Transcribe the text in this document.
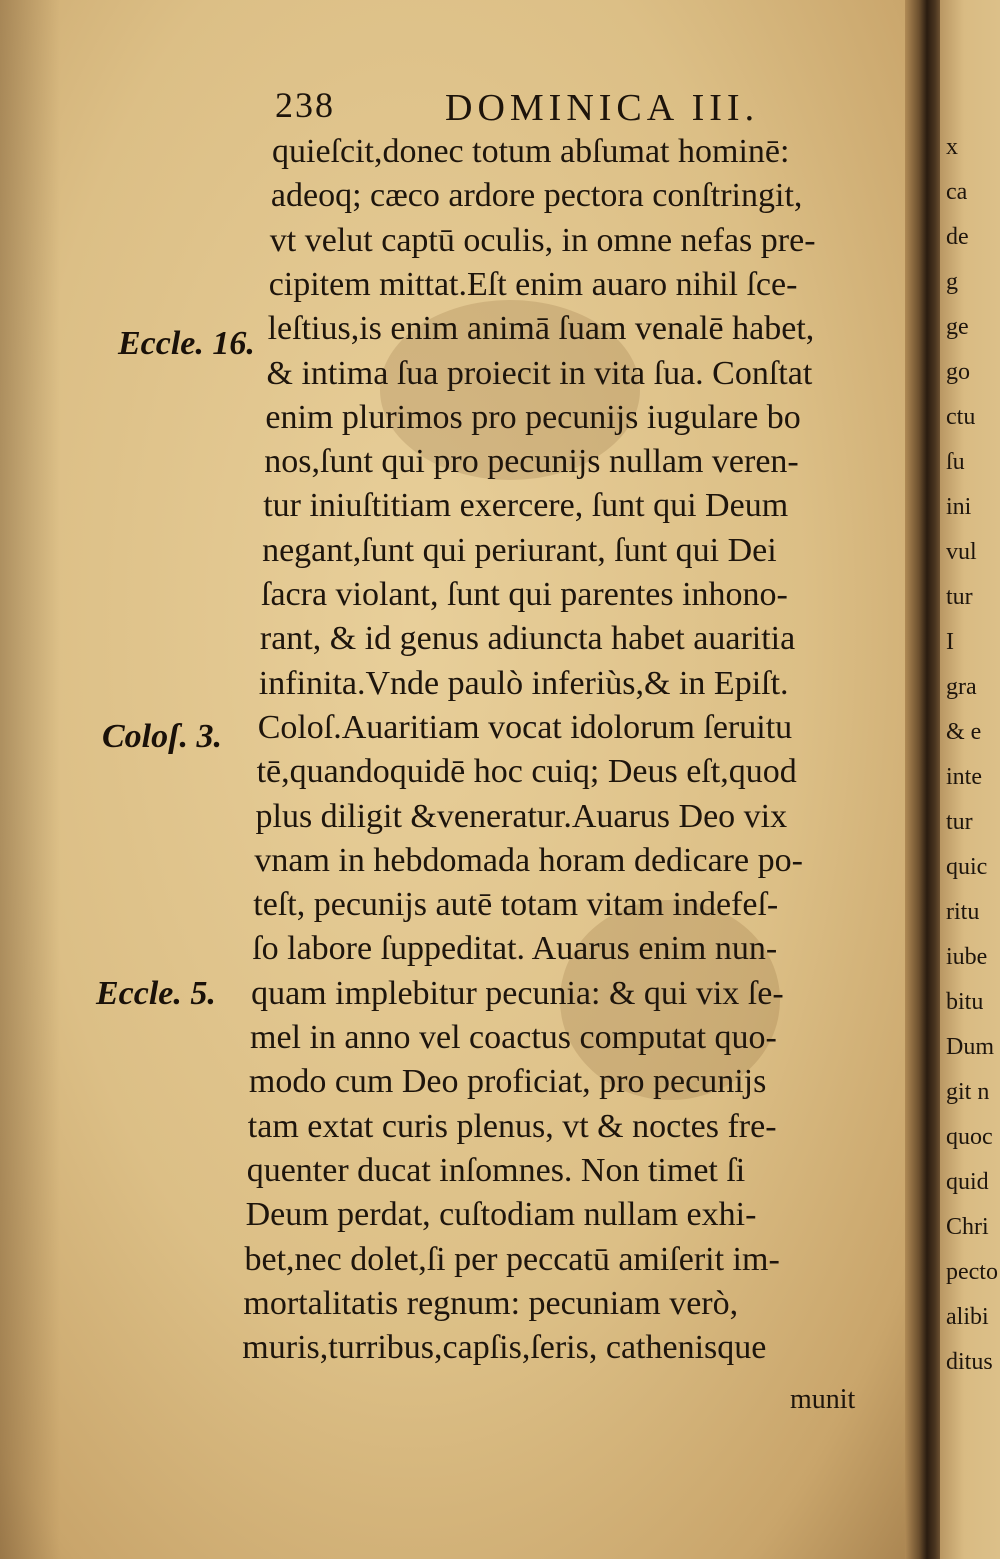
238	DOMINICA III.
quieſcit,donec totum abſumat hominē:
adeoq; cæco ardore pectora conſtringit,
vt velut captū oculis, in omne nefas pre-
cipitem mittat.Eſt enim auaro nihil ſce-
leſtius,is enim animā ſuam venalē habet,
& intima ſua proiecit in vita ſua. Conſtat
enim plurimos pro pecunijs iugulare bo
nos,ſunt qui pro pecunijs nullam veren-
tur iniuſtitiam exercere, ſunt qui Deum
negant,ſunt qui periurant, ſunt qui Dei
ſacra violant, ſunt qui parentes inhono-
rant, & id genus adiuncta habet auaritia
infinita.Vnde paulò inferiùs,& in Epiſt.
Coloſ.Auaritiam vocat idolorum ſeruitu
tē,quandoquidē hoc cuiq; Deus eſt,quod
plus diligit &veneratur.Auarus Deo vix
vnam in hebdomada horam dedicare po-
teſt, pecunijs autē totam vitam indefeſ-
ſo labore ſuppeditat. Auarus enim nun-
quam implebitur pecunia: & qui vix ſe-
mel in anno vel coactus computat quo-
modo cum Deo proficiat, pro pecunijs
tam extat curis plenus, vt & noctes fre-
quenter ducat inſomnes. Non timet ſi
Deum perdat, cuſtodiam nullam exhi-
bet,nec dolet,ſi per peccatū amiſerit im-
mortalitatis regnum: pecuniam verò,
muris,turribus,capſis,ſeris, cathenisque
Eccle. 16.
Coloſ. 3.
Eccle. 5.
munit
x
ca
de
g
ge
go
ctu
ſu
ini
vul
tur
I
gra
& e
inte
tur
quic
ritu
iube
bitu
Dum
git n
quoc
quid
Chri
pecto
alibi
ditus
